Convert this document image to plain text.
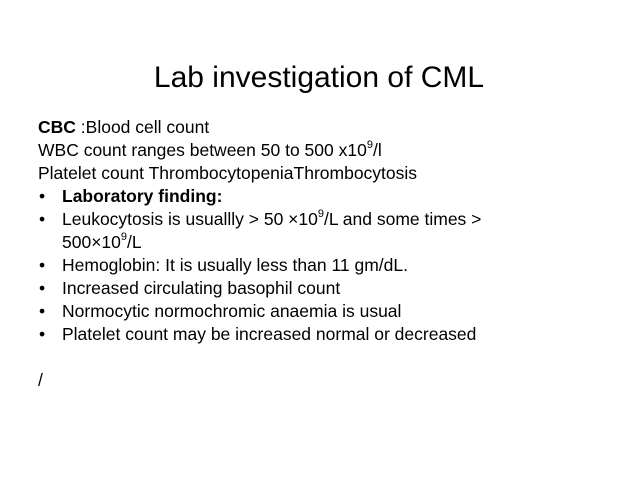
Lab investigation of CML
CBC :Blood cell count
WBC count ranges between 50 to 500 $x10^9/l$
Platelet count ThrombocytopeniaThrombocytosis
• Laboratory finding:
• Leukocytosis is usuallly > $50 \times 10^9/L$ and some times >
$500\times 10^9/L$
• Hemoglobin: It is usually less than 11 gm/dL.
• Increased circulating basophil count
• Normocytic normochromic anaemia is usual
• Platelet count may be increased normal or decreased
/
